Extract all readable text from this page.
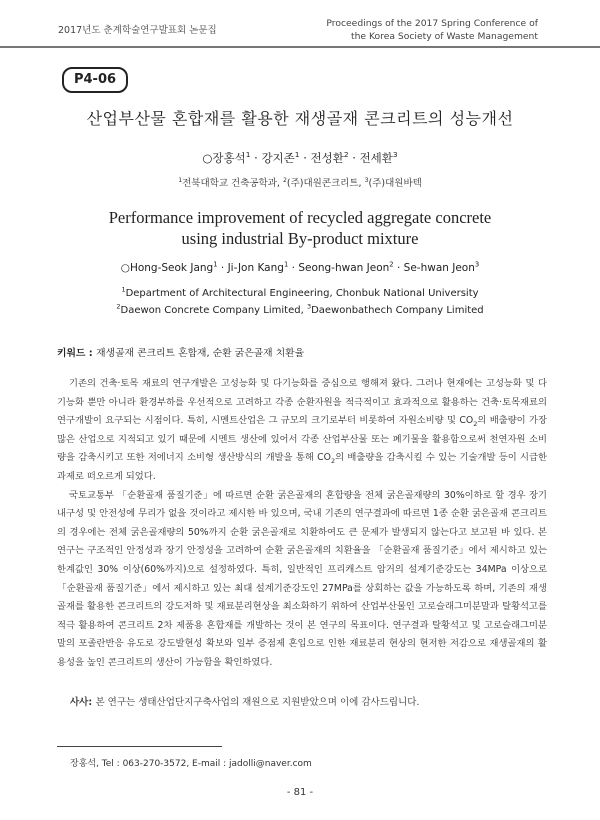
2017년도 춘계학술연구발표회 논문집
Proceedings of the 2017 Spring Conference of
the Korea Society of Waste Management
P4-06
산업부산물 혼합재를 활용한 재생골재 콘크리트의 성능개선
○장홍석$^1$ · 강지존$^1$ · 전성환$^2$ · 전세환$^3$
$^1$전북대학교 건축공학과, $^2$(주)대원콘크리트, $^3$(주)대원바텍
Performance improvement of recycled aggregate concrete
using industrial By-product mixture
○Hong-Seok Jang$^1$ · Ji-Jon Kang$^1$ · Seong-hwan Jeon$^2$ · Se-hwan Jeon$^3$
$^1$Department of Architectural Engineering, Chonbuk National University
$^2$Daewon Concrete Company Limited, $^3$Daewonbathech Company Limited
키워드 : 재생골재 콘크리트 혼합재, 순환 굵은골재 치환율

기존의 건축·토목 재료의 연구개발은 고성능화 및 다기능화를 중심으로 행해져 왔다. 그러나 현재에는 고성능화 및 다기능화 뿐만 아니라 환경부하를 우선적으로 고려하고 각종 순환자원을 적극적이고 효과적으로 활용하는 건축·토목재료의 연구개발이 요구되는 시점이다. 특히, 시멘트산업은 그 규모의 크기로부터 비롯하여 자원소비량 및 $CO_2$의 배출량이 가장 많은 산업으로 지적되고 있기 때문에 시멘트 생산에 있어서 각종 산업부산물 또는 폐기물을 활용함으로써 천연자원 소비량을 감축시키고 또한 저에너지 소비형 생산방식의 개발을 통해 $CO_2$의 배출량을 감축시킬 수 있는 기술개발 등이 시급한 과제로 떠오르게 되었다.

국토교통부 「순환골재 품질기준」에 따르면 순환 굵은골재의 혼합량을 전체 굵은골재량의 30%이하로 할 경우 장기 내구성 및 안전성에 무리가 없을 것이라고 제시한 바 있으며, 국내 기존의 연구결과에 따르면 1종 순환 굵은골재 콘크리트의 경우에는 전체 굵은골재량의 50%까지 순환 굵은골재로 치환하여도 큰 문제가 발생되지 않는다고 보고된 바 있다. 본 연구는 구조적인 안정성과 장기 안정성을 고려하여 순환 굵은골재의 치환율을 「순환골재 품질기준」에서 제시하고 있는 한계값인 30% 이상(60%까지)으로 설정하였다. 특히, 일반적인 프리캐스트 암거의 설계기준강도는 34MPa 이상으로 「순환골재 품질기준」에서 제시하고 있는 최대 설계기준강도인 27MPa를 상회하는 값을 가능하도록 하며, 기존의 재생골재를 활용한 콘크리트의 강도저하 및 재료분리현상을 최소화하기 위하여 산업부산물인 고로슬래그미분말과 탈황석고를 적극 활용하여 콘크리트 2차 제품용 혼합재를 개발하는 것이 본 연구의 목표이다. 연구결과 탈황석고 및 고로슬래그미분말의 포졸란반응 유도로 강도발현성 확보와 일부 증점제 혼입으로 인한 재료분리 현상의 현저한 저감으로 재생골재의 활용성을 높인 콘크리트의 생산이 가능함을 확인하였다.

사사: 본 연구는 생태산업단지구축사업의 재원으로 지원받았으며 이에 감사드립니다.
장홍석, Tel : 063-270-3572, E-mail : jadolli@naver.com
- 81 -
